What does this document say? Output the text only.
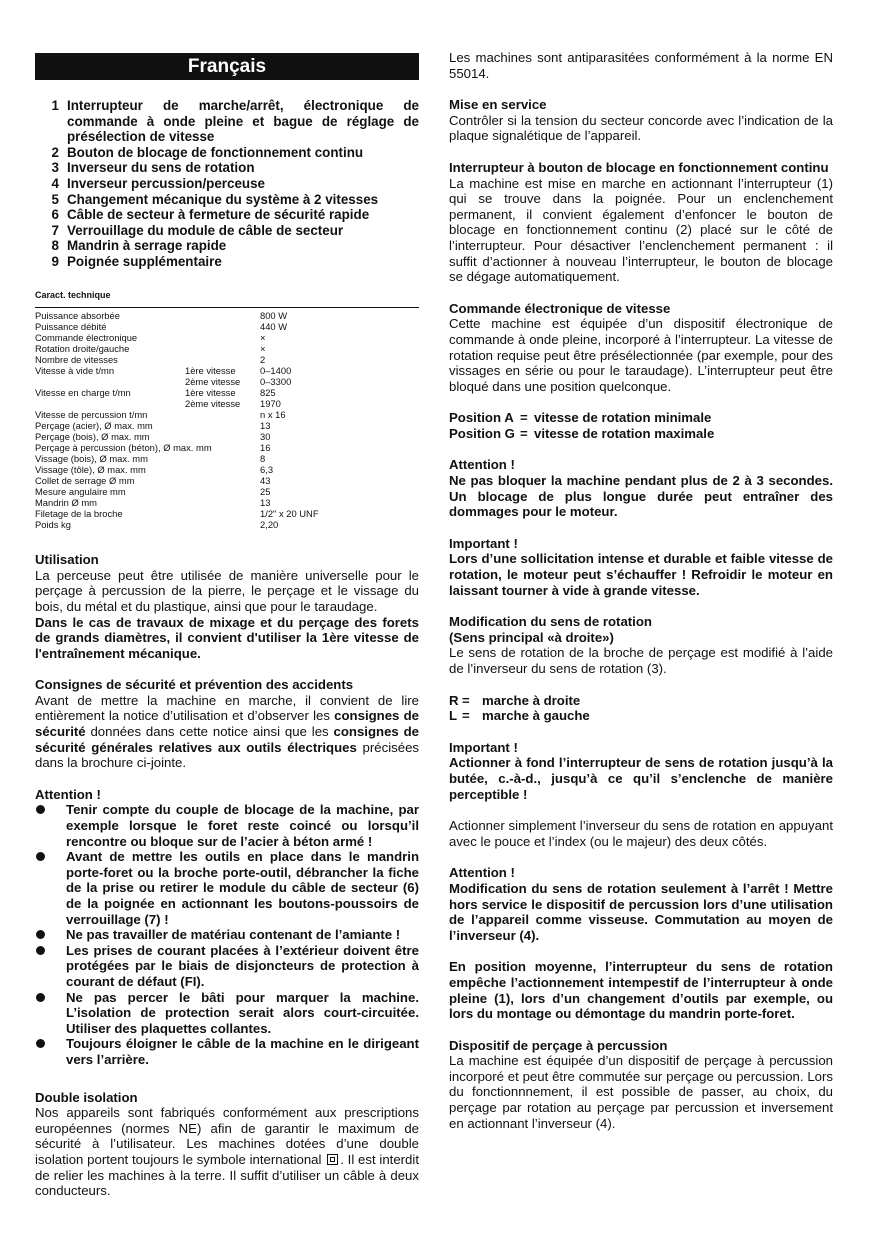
Français
1 Interrupteur de marche/arrêt, électronique de commande à onde pleine et bague de réglage de présélection de vitesse
2 Bouton de blocage de fonctionnement continu
3 Inverseur du sens de rotation
4 Inverseur percussion/perceuse
5 Changement mécanique du système à 2 vitesses
6 Câble de secteur à fermeture de sécurité rapide
7 Verrouillage du module de câble de secteur
8 Mandrin à serrage rapide
9 Poignée supplémentaire
Caract. technique
Puissance absorbée		800 W
Puissance débité		440 W
Commande électronique		×
Rotation droite/gauche		×
Nombre de vitesses		2
Vitesse à vide t/mn	1ère vitesse	0–1400
	2ème vitesse	0–3300
Vitesse en charge t/mn	1ère vitesse	825
	2ème vitesse	1970
Vitesse de percussion t/mn		n x 16
Perçage (acier), Ø max. mm		13
Perçage (bois), Ø max. mm		30
Perçage à percussion (béton), Ø max. mm		16
Vissage (bois), Ø max. mm		8
Vissage (tôle), Ø max. mm		6,3
Collet de serrage Ø mm		43
Mesure angulaire mm		25
Mandrin Ø mm		13
Filetage de la broche		1/2" x 20 UNF
Poids kg		2,20

Utilisation

La perceuse peut être utilisée de manière universelle pour le perçage à percussion de la pierre, le perçage et le vissage du bois, du métal et du plastique, ainsi que pour le taraudage.

Dans le cas de travaux de mixage et du perçage des forets de grands diamètres, il convient d'utiliser la 1ère vitesse de l'entraînement mécanique.

Consignes de sécurité et prévention des accidents

Avant de mettre la machine en marche, il convient de lire entièrement la notice d’utilisation et d’observer les consignes de sécurité données dans cette notice ainsi que les consignes de sécurité générales relatives aux outils électriques précisées dans la brochure ci-jointe.

Attention !

Tenir compte du couple de blocage de la machine, par exemple lorsque le foret reste coincé ou lorsqu’il rencontre ou bloque sur de l’acier à béton armé !
Avant de mettre les outils en place dans le mandrin porte-foret ou la broche porte-outil, débrancher la fiche de la prise ou retirer le module du câble de secteur (6) de la poignée en actionnant les boutons-poussoirs de verrouillage (7) !
Ne pas travailler de matériau contenant de l’amiante !
Les prises de courant placées à l’extérieur doivent être protégées par le biais de disjoncteurs de protection à courant de défaut (FI).
Ne pas percer le bâti pour marquer la machine. L’isolation de protection serait alors court-circuitée. Utiliser des plaquettes collantes.
Toujours éloigner le câble de la machine en le dirigeant vers l’arrière.

Double isolation

Nos appareils sont fabriqués conformément aux prescriptions européennes (normes NE) afin de garantir le maximum de sécurité à l’utilisateur. Les machines dotées d’une double isolation portent toujours le symbole international . Il est interdit de relier les machines à la terre. Il suffit d’utiliser un câble à deux conducteurs.

Les machines sont antiparasitées conformément à la norme EN 55014.

Mise en service

Contrôler si la tension du secteur concorde avec l’indication de la plaque signalétique de l’appareil.

Interrupteur à bouton de blocage en fonctionnement continu

La machine est mise en marche en actionnant l’interrupteur (1) qui se trouve dans la poignée. Pour un enclenchement permanent, il convient également d’enfoncer le bouton de blocage en fonctionnement continu (2) placé sur le côté de l’interrupteur. Pour désactiver l’enclenchement permanent : il suffit d’actionner à nouveau l’interrupteur, le bouton de blocage se dégage automatiquement.

Commande électronique de vitesse

Cette machine est équipée d’un dispositif électronique de commande à onde pleine, incorporé à l’interrupteur. La vitesse de rotation requise peut être présélectionnée (par exemple, pour des vissages en série ou pour le taraudage). L’interrupteur peut être bloqué dans une position quelconque.

Position A = vitesse de rotation minimale
Position G = vitesse de rotation maximale

Attention !

Ne pas bloquer la machine pendant plus de 2 à 3 secondes. Un blocage de plus longue durée peut entraîner des dommages pour le moteur.

Important !

Lors d’une sollicitation intense et durable et faible vitesse de rotation, le moteur peut s’échauffer ! Refroidir le moteur en laissant tourner à vide à grande vitesse.

Modification du sens de rotation

(Sens principal «à droite»)

Le sens de rotation de la broche de perçage est modifié à l’aide de l’inverseur du sens de rotation (3).

R = marche à droite
L = marche à gauche

Important !

Actionner à fond l’interrupteur de sens de rotation jusqu’à la butée, c.-à-d., jusqu’à ce qu’il s’enclenche de manière perceptible !

Actionner simplement l’inverseur du sens de rotation en appuyant avec le pouce et l’index (ou le majeur) des deux côtés.

Attention !

Modification du sens de rotation seulement à l’arrêt ! Mettre hors service le dispositif de percussion lors d’une utilisation de l’appareil comme visseuse. Commutation au moyen de l’inverseur (4).

En position moyenne, l’interrupteur du sens de rotation empêche l’actionnement intempestif de l’interrupteur à onde pleine (1), lors d’un changement d’outils par exemple, ou lors du montage ou démontage du mandrin porte-foret.

Dispositif de perçage à percussion

La machine est équipée d’un dispositif de perçage à percussion incorporé et peut être commutée sur perçage ou percussion. Lors du fonctionnnement, il est possible de passer, au choix, du perçage par rotation au perçage par percussion et inversement en actionnant l’inverseur (4).
